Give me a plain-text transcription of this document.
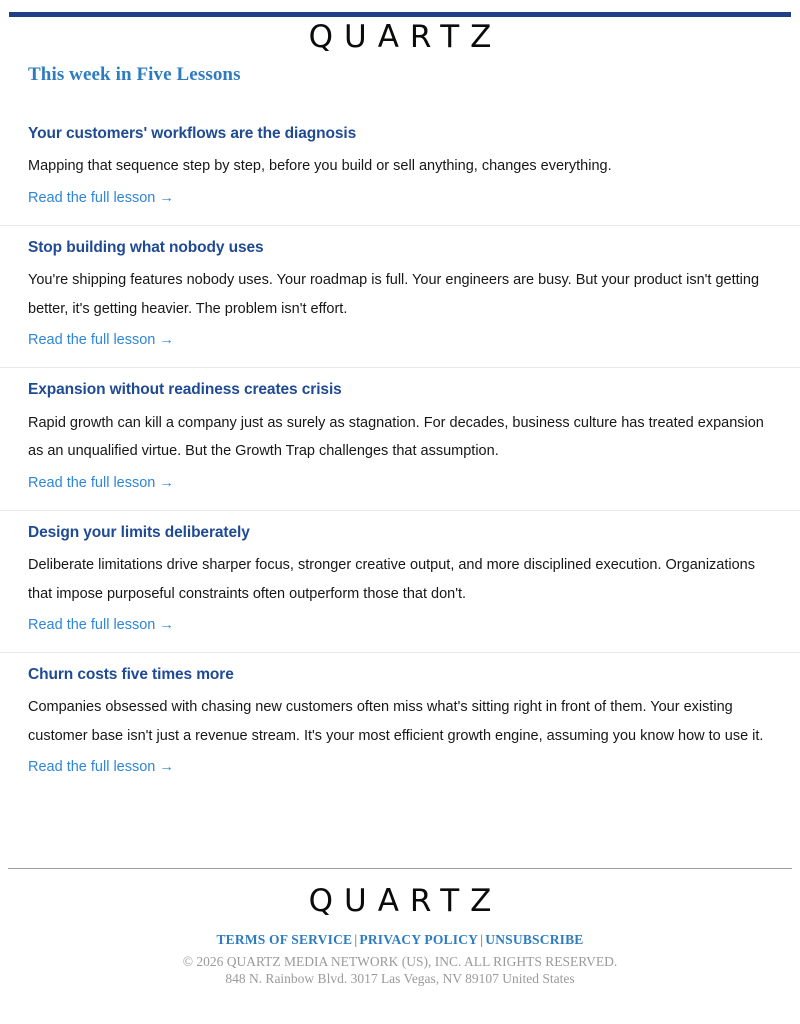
QUARTZ
This week in Five Lessons
Your customers' workflows are the diagnosis

Mapping that sequence step by step, before you build or sell anything, changes everything.

Read the full lesson →
Stop building what nobody uses

You're shipping features nobody uses. Your roadmap is full. Your engineers are busy. But your product isn't getting better, it's getting heavier. The problem isn't effort.

Read the full lesson →
Expansion without readiness creates crisis

Rapid growth can kill a company just as surely as stagnation. For decades, business culture has treated expansion as an unqualified virtue. But the Growth Trap challenges that assumption.

Read the full lesson →
Design your limits deliberately

Deliberate limitations drive sharper focus, stronger creative output, and more disciplined execution. Organizations that impose purposeful constraints often outperform those that don't.

Read the full lesson →
Churn costs five times more

Companies obsessed with chasing new customers often miss what's sitting right in front of them. Your existing customer base isn't just a revenue stream. It's your most efficient growth engine, assuming you know how to use it.

Read the full lesson →
QUARTZ
TERMS OF SERVICE | PRIVACY POLICY | UNSUBSCRIBE
© 2026 QUARTZ MEDIA NETWORK (US), INC. ALL RIGHTS RESERVED.
848 N. Rainbow Blvd. 3017 Las Vegas, NV 89107 United States
